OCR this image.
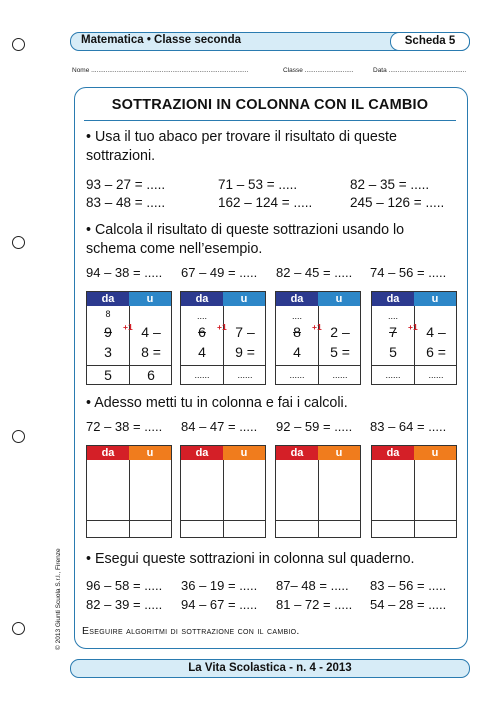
Matematica • Classe seconda	Scheda 5
Nome .......................................................................................	Classe ...........................	Data ...........................................
SOTTRAZIONI IN COLONNA CON IL CAMBIO
• Usa il tuo abaco per trovare il risultato di queste sottrazioni.
93 – 27 = .....	71 – 53 = .....	82 – 35 = .....
83 – 48 = .....	162 – 124 = .....	245 – 126 = .....
• Calcola il risultato di queste sottrazioni usando lo schema come nell’esempio.
94 – 38 = ..... 67 – 49 = ..... 82 – 45 = ..... 74 – 56 = .....
da	u
8
9	+1 4 –
3	8 =
5	6
da	u
....
6	+1 7 –
4	9 =
......	......
da	u
....
8	+1 2 –
4	5 =
......	......
da	u
....
7	+1 4 –
5	6 =
......	......
• Adesso metti tu in colonna e fai i calcoli.
72 – 38 = ..... 84 – 47 = ..... 92 – 59 = ..... 83 – 64 = .....
da	u	da	u	da	u	da	u
• Esegui queste sottrazioni in colonna sul quaderno.
96 – 58 = ..... 36 – 19 = ..... 87– 48 = ..... 83 – 56 = .....
82 – 39 = ..... 94 – 67 = ..... 81 – 72 = ..... 54 – 28 = .....
Eseguire algoritmi di sottrazione con il cambio.
© 2013 Giunti Scuola S.r.l., Firenze
La Vita Scolastica - n. 4 - 2013
